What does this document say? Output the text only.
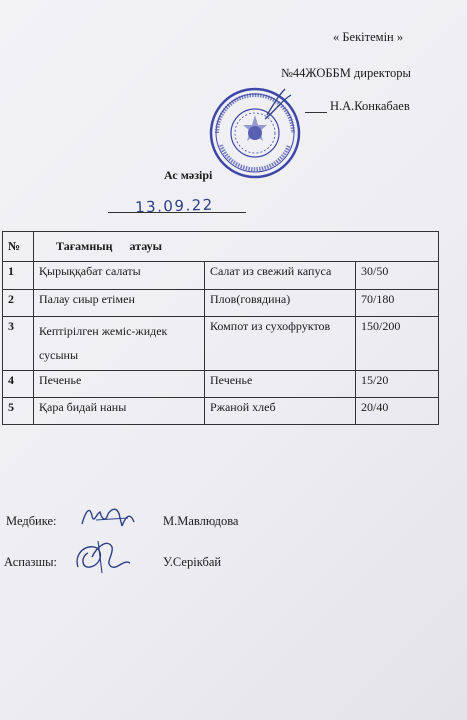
« Бекітемін »
№44ЖОББМ директоры
Н.А.Конкабаев
Ас мәзірі
13.09.22
№	Тағамның атауы		
1	Қырыққабат салаты	Салат из свежий капуса	30/50
2	Палау сиыр етімен	Плов(говядина)	70/180
3	Кептірілген жеміс-жидек сусыны	Компот из сухофруктов	150/200
4	Печенье	Печенье	15/20
5	Қара бидай наны	Ржаной хлеб	20/40
Медбике:	М.Мавлюдова
Аспазшы:	У.Серікбай
